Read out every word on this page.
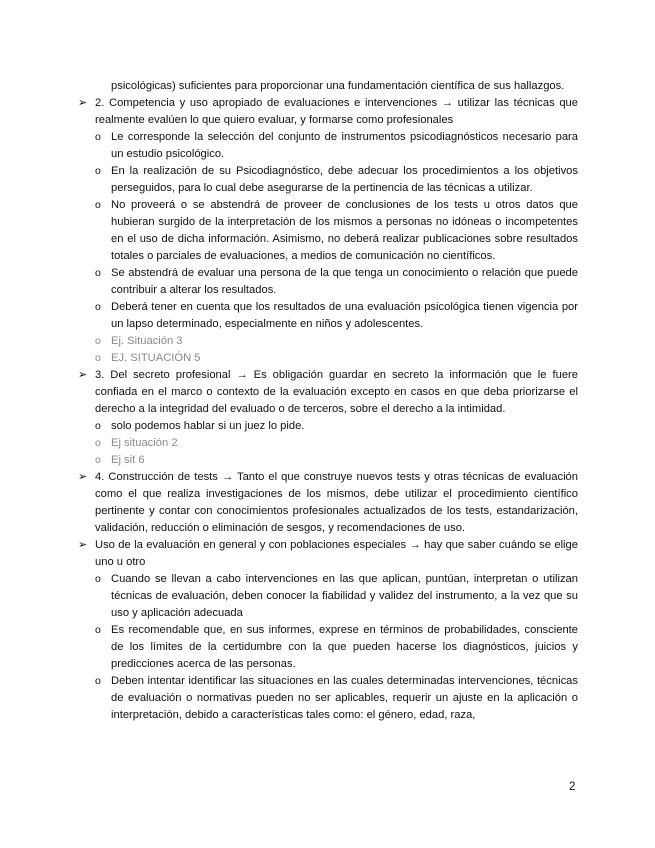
psicológicas) suficientes para proporcionar una fundamentación científica de sus hallazgos.
➢ 2. Competencia y uso apropiado de evaluaciones e intervenciones → utilizar las técnicas que realmente evalúen lo que quiero evaluar, y formarse como profesionales
o Le corresponde la selección del conjunto de instrumentos psicodiagnósticos necesario para un estudio psicológico.
o En la realización de su Psicodiagnóstico, debe adecuar los procedimientos a los objetivos perseguidos, para lo cual debe asegurarse de la pertinencia de las técnicas a utilizar.
o No proveerá o se abstendrá de proveer de conclusiones de los tests u otros datos que hubieran surgido de la interpretación de los mismos a personas no idóneas o incompetentes en el uso de dicha información. Asimismo, no deberá realizar publicaciones sobre resultados totales o parciales de evaluaciones, a medios de comunicación no científicos.
o Se abstendrá de evaluar una persona de la que tenga un conocimiento o relación que puede contribuir a alterar los resultados.
o Deberá tener en cuenta que los resultados de una evaluación psicológica tienen vigencia por un lapso determinado, especialmente en niños y adolescentes.
o Ej. Situación 3
o EJ. SITUACIÓN 5
➢ 3. Del secreto profesional → Es obligación guardar en secreto la información que le fuere confiada en el marco o contexto de la evaluación excepto en casos en que deba priorizarse el derecho a la integridad del evaluado o de terceros, sobre el derecho a la intimidad.
o solo podemos hablar si un juez lo pide.
o Ej situación 2
o Ej sit 6
➢ 4. Construcción de tests → Tanto el que construye nuevos tests y otras técnicas de evaluación como el que realiza investigaciones de los mismos, debe utilizar el procedimiento científico pertinente y contar con conocimientos profesionales actualizados de los tests, estandarización, validación, reducción o eliminación de sesgos, y recomendaciones de uso.
➢ Uso de la evaluación en general y con poblaciones especiales → hay que saber cuándo se elige uno u otro
o Cuando se llevan a cabo intervenciones en las que aplican, puntúan, interpretan o utilizan técnicas de evaluación, deben conocer la fiabilidad y validez del instrumento, a la vez que su uso y aplicación adecuada
o Es recomendable que, en sus informes, exprese en términos de probabilidades, consciente de los límites de la certidumbre con la que pueden hacerse los diagnósticos, juicios y predicciones acerca de las personas.
o Deben intentar identificar las situaciones en las cuales determinadas intervenciones, técnicas de evaluación o normativas pueden no ser aplicables, requerir un ajuste en la aplicación o interpretación, debido a características tales como: el género, edad, raza,
2
